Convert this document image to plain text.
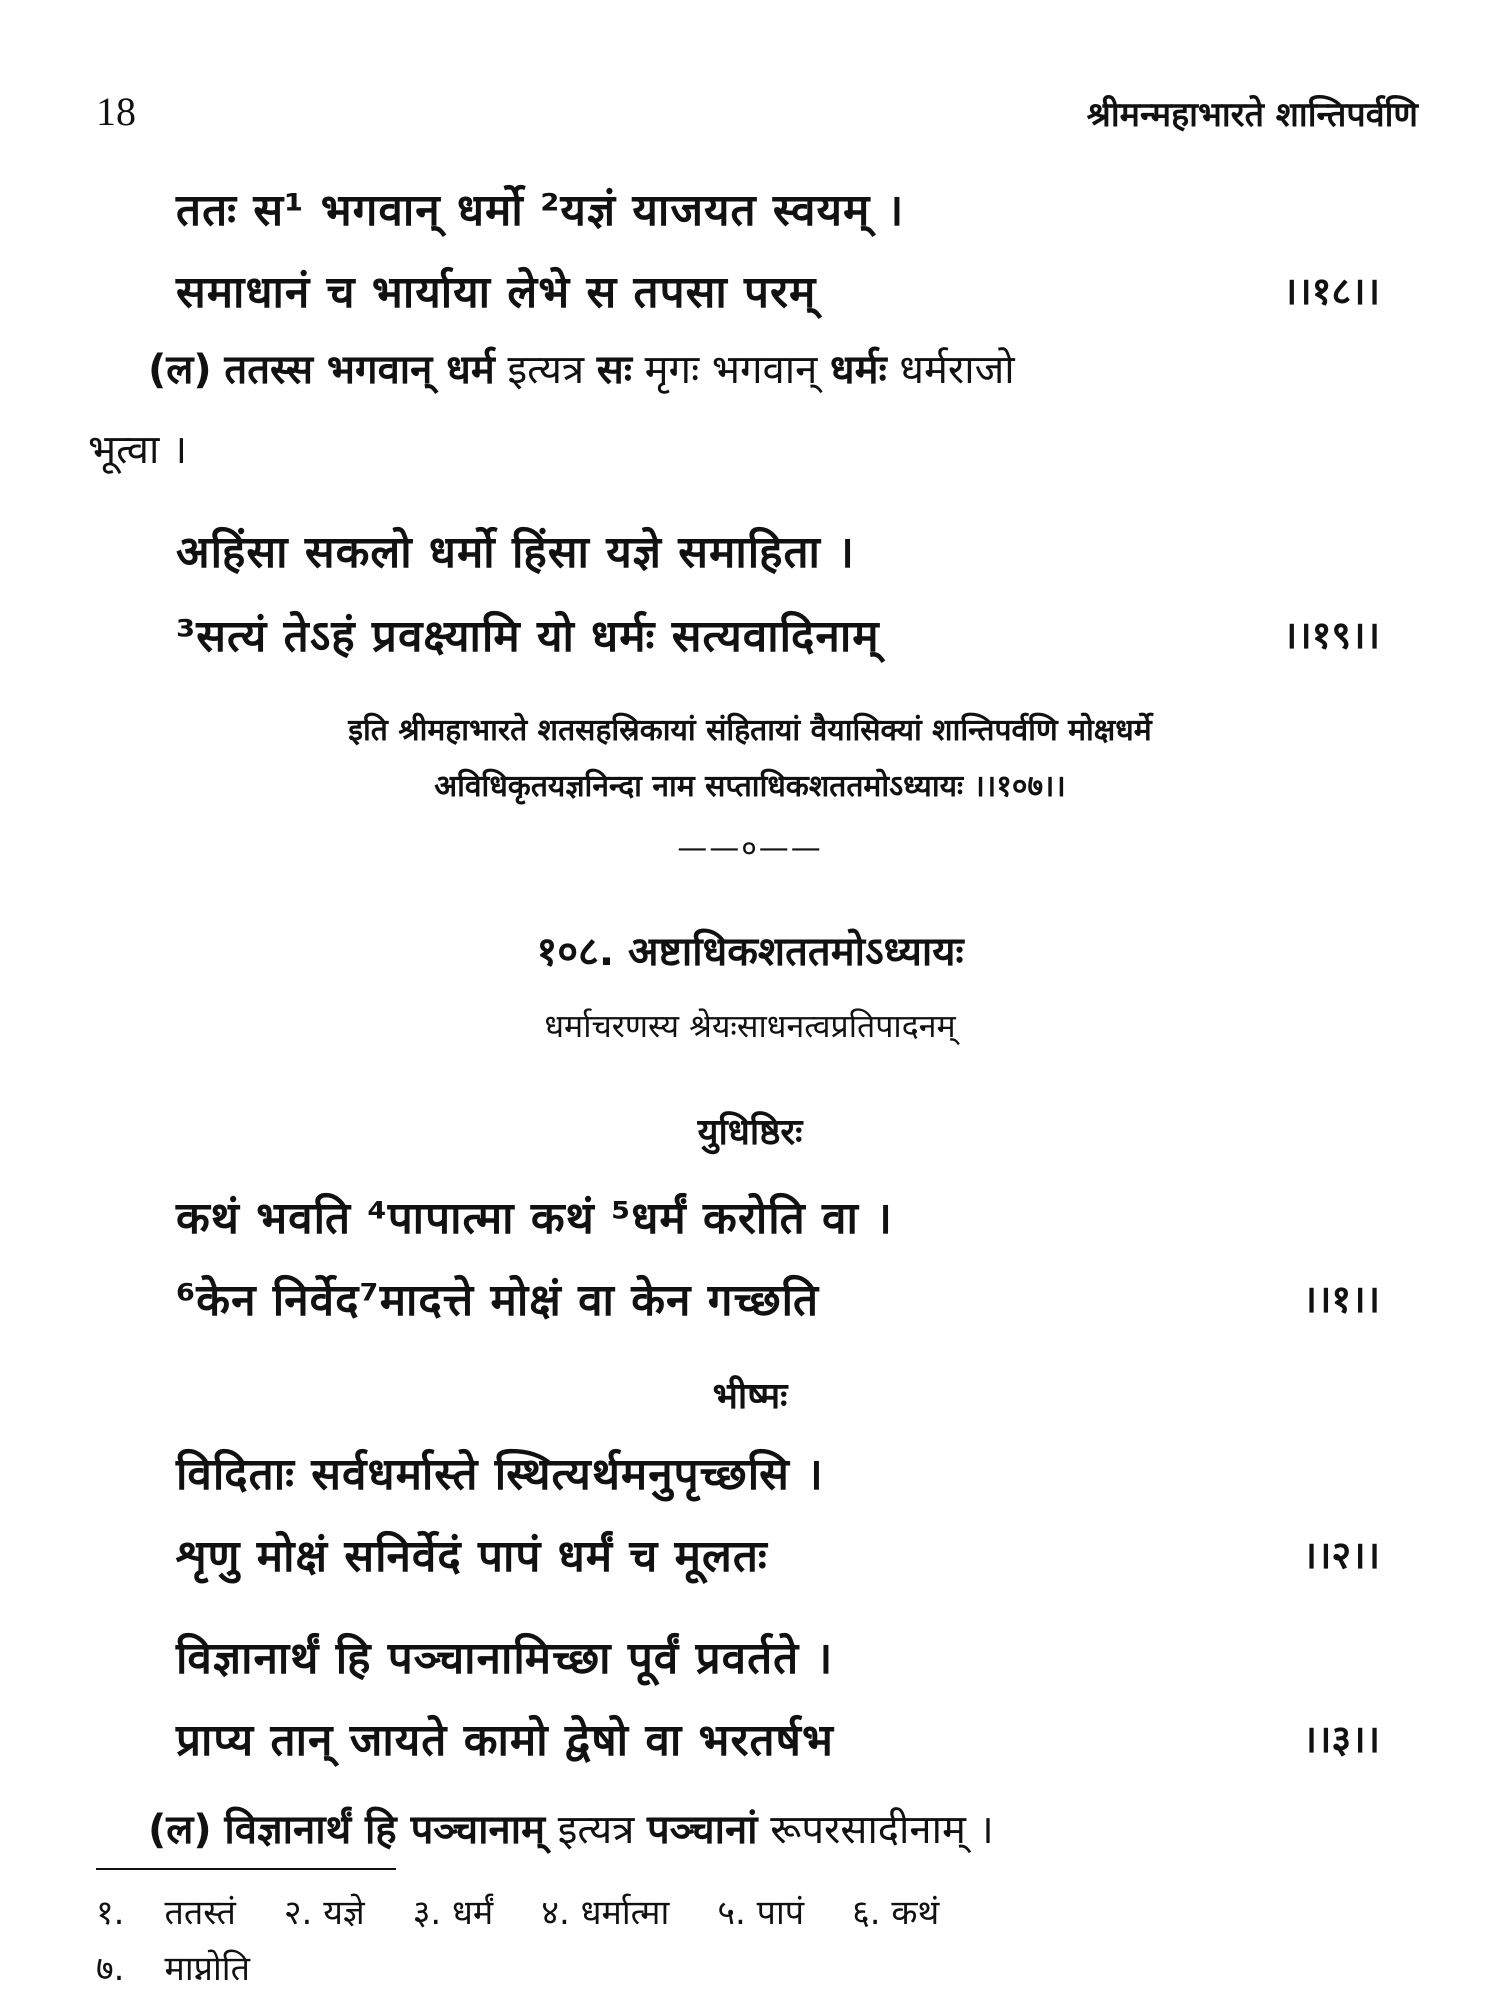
18	श्रीमन्महाभारते शान्तिपर्वणि
ततः स¹ भगवान् धर्मो ²यज्ञं याजयत स्वयम् ।
समाधानं च भार्याया लेभे स तपसा परम्	।।१८।।
(ल) ततस्स भगवान् धर्म इत्यत्र सः मृगः भगवान् धर्मः धर्मराजो
भूत्वा ।
अहिंसा सकलो धर्मो हिंसा यज्ञे समाहिता ।
³सत्यं तेऽहं प्रवक्ष्यामि यो धर्मः सत्यवादिनाम्	।।१९।।
इति श्रीमहाभारते शतसहस्रिकायां संहितायां वैयासिक्यां शान्तिपर्वणि मोक्षधर्मे
अविधिकृतयज्ञनिन्दा नाम सप्ताधिकशततमोऽध्यायः ।।१०७।।
——०——
१०८. अष्टाधिकशततमोऽध्यायः
धर्माचरणस्य श्रेयःसाधनत्वप्रतिपादनम्
युधिष्ठिरः
कथं भवति ⁴पापात्मा कथं ⁵धर्मं करोति वा ।
⁶केन निर्वेद⁷मादत्ते मोक्षं वा केन गच्छति	।।१।।
भीष्मः
विदिताः सर्वधर्मास्ते स्थित्यर्थमनुपृच्छसि ।
शृणु मोक्षं सनिर्वेदं पापं धर्मं च मूलतः	।।२।।
विज्ञानार्थं हि पञ्चानामिच्छा पूर्वं प्रवर्तते ।
प्राप्य तान् जायते कामो द्वेषो वा भरतर्षभ	।।३।।
(ल) विज्ञानार्थं हि पञ्चानाम् इत्यत्र पञ्चानां रूपरसादीनाम् ।
१. ततस्तं २. यज्ञे ३. धर्मं ४. धर्मात्मा ५. पापं ६. कथं
७. माप्नोति
